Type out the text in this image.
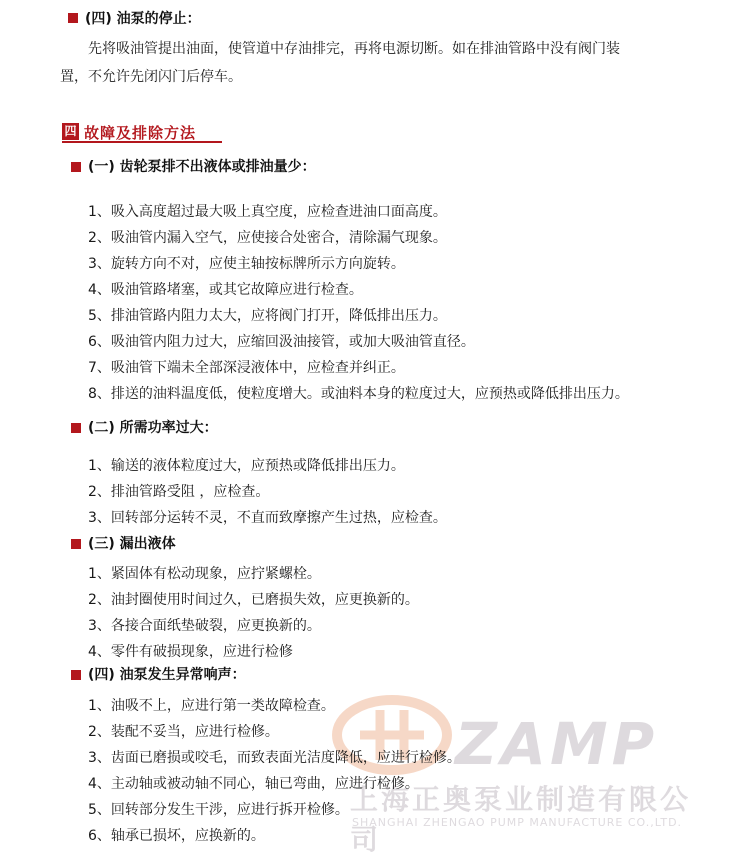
(四) 油泵的停止：
先将吸油管提出油面，使管道中存油排完，再将电源切断。如在排油管路中没有阀门装
置，不允许先闭闪门后停车。
四 故障及排除方法
(一) 齿轮泵排不出液体或排油量少：
1、吸入高度超过最大吸上真空度，应检查进油口面高度。
2、吸油管内漏入空气，应使接合处密合，清除漏气现象。
3、旋转方向不对，应使主轴按标牌所示方向旋转。
4、吸油管路堵塞，或其它故障应进行检查。
5、排油管路内阻力太大，应将阀门打开，降低排出压力。
6、吸油管内阻力过大，应缩回汲油接管，或加大吸油管直径。
7、吸油管下端未全部深浸液体中，应检查并纠正。
8、排送的油料温度低，使粒度增大。或油料本身的粒度过大，应预热或降低排出压力。
(二) 所需功率过大：
1、输送的液体粒度过大，应预热或降低排出压力。
2、排油管路受阻 ，应检查。
3、回转部分运转不灵，不直而致摩擦产生过热，应检查。
(三) 漏出液体
1、紧固体有松动现象，应拧紧螺栓。
2、油封圈使用时间过久，已磨损失效，应更换新的。
3、各接合面纸垫破裂，应更换新的。
4、零件有破损现象，应进行检修
ZAMP
上海正奥泵业制造有限公司
SHANGHAI ZHENGAO PUMP MANUFACTURE CO.,LTD.
(四) 油泵发生异常响声：
1、油吸不上，应进行第一类故障检查。
2、装配不妥当，应进行检修。
3、齿面已磨损或咬毛，而致表面光洁度降低，应进行检修。
4、主动轴或被动轴不同心，轴已弯曲，应进行检修。
5、回转部分发生干涉，应进行拆开检修。
6、轴承已损坏，应换新的。
